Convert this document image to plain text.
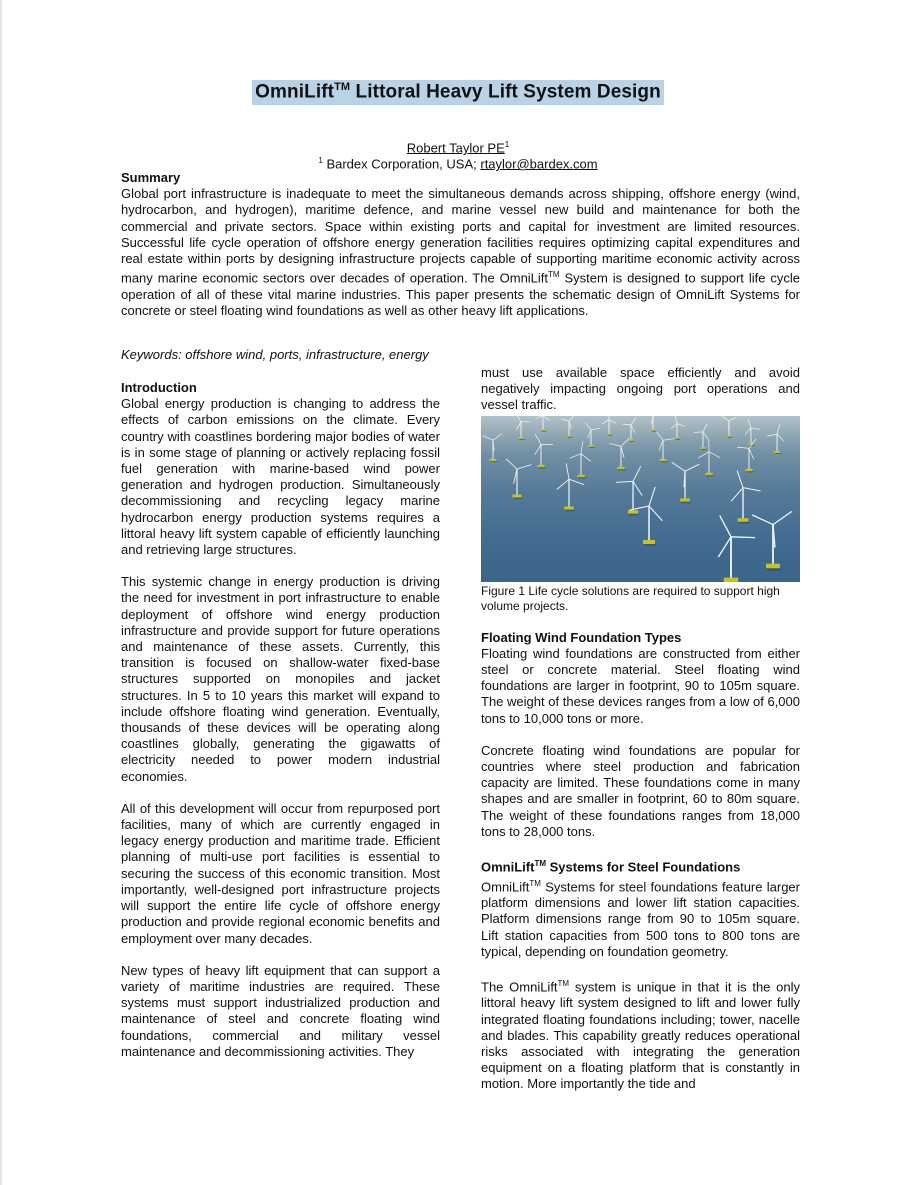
OmniLift™ Littoral Heavy Lift System Design
Robert Taylor $PE^1$
$^1$ Bardex Corporation, USA; rtaylor@bardex.com

Summary

Global port infrastructure is inadequate to meet the simultaneous demands across shipping, offshore energy (wind, hydrocarbon, and hydrogen), maritime defence, and marine vessel new build and maintenance for both the commercial and private sectors. Space within existing ports and capital for investment are limited resources. Successful life cycle operation of offshore energy generation facilities requires optimizing capital expenditures and real estate within ports by designing infrastructure projects capable of supporting maritime economic activity across many marine economic sectors over decades of operation. The OmniLift™ System is designed to support life cycle operation of all of these vital marine industries. This paper presents the schematic design of OmniLift Systems for concrete or steel floating wind foundations as well as other heavy lift applications.

Keywords: offshore wind, ports, infrastructure, energy

Introduction

Global energy production is changing to address the effects of carbon emissions on the climate. Every country with coastlines bordering major bodies of water is in some stage of planning or actively replacing fossil fuel generation with marine-based wind power generation and hydrogen production. Simultaneously decommissioning and recycling legacy marine hydrocarbon energy production systems requires a littoral heavy lift system capable of efficiently launching and retrieving large structures.

This systemic change in energy production is driving the need for investment in port infrastructure to enable deployment of offshore wind energy production infrastructure and provide support for future operations and maintenance of these assets. Currently, this transition is focused on shallow-water fixed-base structures supported on monopiles and jacket structures. In 5 to 10 years this market will expand to include offshore floating wind generation. Eventually, thousands of these devices will be operating along coastlines globally, generating the gigawatts of electricity needed to power modern industrial economies.

All of this development will occur from repurposed port facilities, many of which are currently engaged in legacy energy production and maritime trade. Efficient planning of multi-use port facilities is essential to securing the success of this economic transition. Most importantly, well-designed port infrastructure projects will support the entire life cycle of offshore energy production and provide regional economic benefits and employment over many decades.

New types of heavy lift equipment that can support a variety of maritime industries are required. These systems must support industrialized production and maintenance of steel and concrete floating wind foundations, commercial and military vessel maintenance and decommissioning activities. They

must use available space efficiently and avoid negatively impacting ongoing port operations and vessel traffic.

Figure 1 Life cycle solutions are required to support high volume projects.

Floating Wind Foundation Types

Floating wind foundations are constructed from either steel or concrete material. Steel floating wind foundations are larger in footprint, 90 to 105m square. The weight of these devices ranges from a low of 6,000 tons to 10,000 tons or more.

Concrete floating wind foundations are popular for countries where steel production and fabrication capacity are limited. These foundations come in many shapes and are smaller in footprint, 60 to 80m square. The weight of these foundations ranges from 18,000 tons to 28,000 tons.

OmniLift™ Systems for Steel Foundations

OmniLift™ Systems for steel foundations feature larger platform dimensions and lower lift station capacities. Platform dimensions range from 90 to 105m square. Lift station capacities from 500 tons to 800 tons are typical, depending on foundation geometry.

The OmniLift™ system is unique in that it is the only littoral heavy lift system designed to lift and lower fully integrated floating foundations including; tower, nacelle and blades. This capability greatly reduces operational risks associated with integrating the generation equipment on a floating platform that is constantly in motion. More importantly the tide and
